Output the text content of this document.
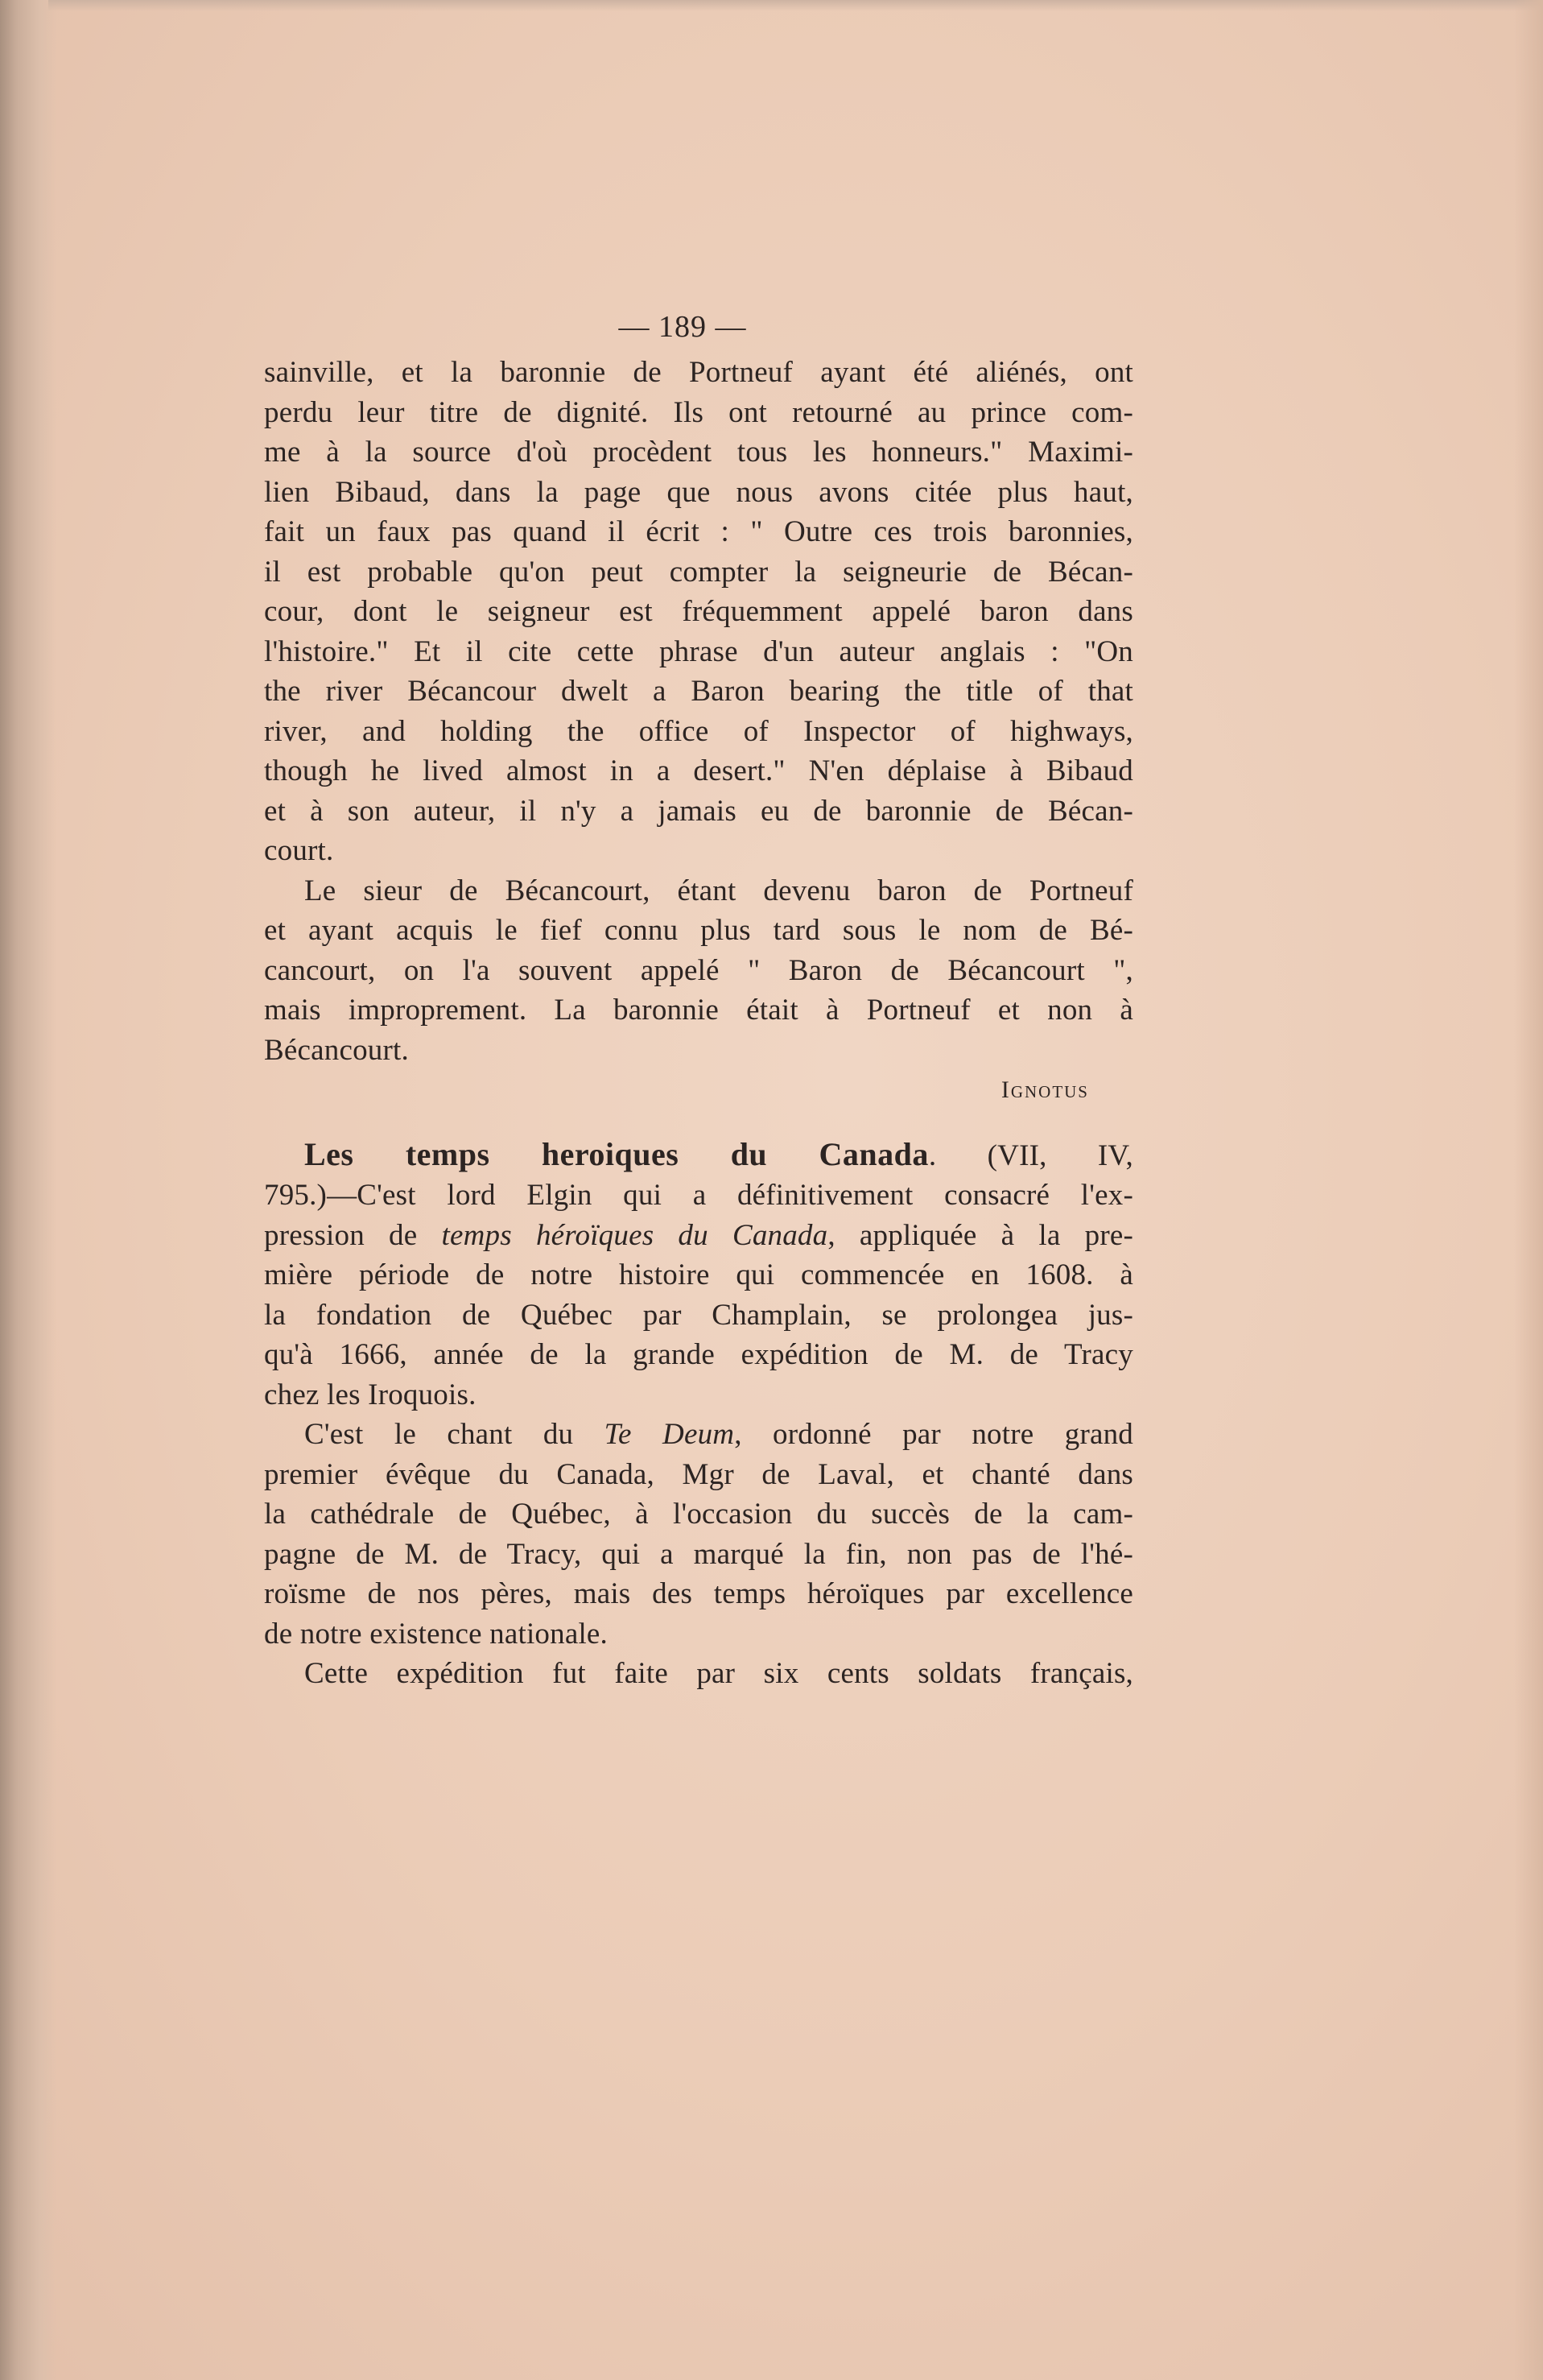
— 189 —
sainville, et la baronnie de Portneuf ayant été aliénés, ont
perdu leur titre de dignité. Ils ont retourné au prince com-
me à la source d'où procèdent tous les honneurs." Maximi-
lien Bibaud, dans la page que nous avons citée plus haut,
fait un faux pas quand il écrit : " Outre ces trois baronnies,
il est probable qu'on peut compter la seigneurie de Bécan-
cour, dont le seigneur est fréquemment appelé baron dans
l'histoire." Et il cite cette phrase d'un auteur anglais : "On
the river Bécancour dwelt a Baron bearing the title of that
river, and holding the office of Inspector of highways,
though he lived almost in a desert." N'en déplaise à Bibaud
et à son auteur, il n'y a jamais eu de baronnie de Bécan-
court.
Le sieur de Bécancourt, étant devenu baron de Portneuf
et ayant acquis le fief connu plus tard sous le nom de Bé-
cancourt, on l'a souvent appelé " Baron de Bécancourt ",
mais improprement. La baronnie était à Portneuf et non à
Bécancourt.
Ignotus
Les temps heroiques du Canada. (VII, IV,
795.)—C'est lord Elgin qui a définitivement consacré l'ex-
pression de temps héroïques du Canada, appliquée à la pre-
mière période de notre histoire qui commencée en 1608. à
la fondation de Québec par Champlain, se prolongea jus-
qu'à 1666, année de la grande expédition de M. de Tracy
chez les Iroquois.
C'est le chant du Te Deum, ordonné par notre grand
premier évêque du Canada, Mgr de Laval, et chanté dans
la cathédrale de Québec, à l'occasion du succès de la cam-
pagne de M. de Tracy, qui a marqué la fin, non pas de l'hé-
roïsme de nos pères, mais des temps héroïques par excellence
de notre existence nationale.
Cette expédition fut faite par six cents soldats français,
